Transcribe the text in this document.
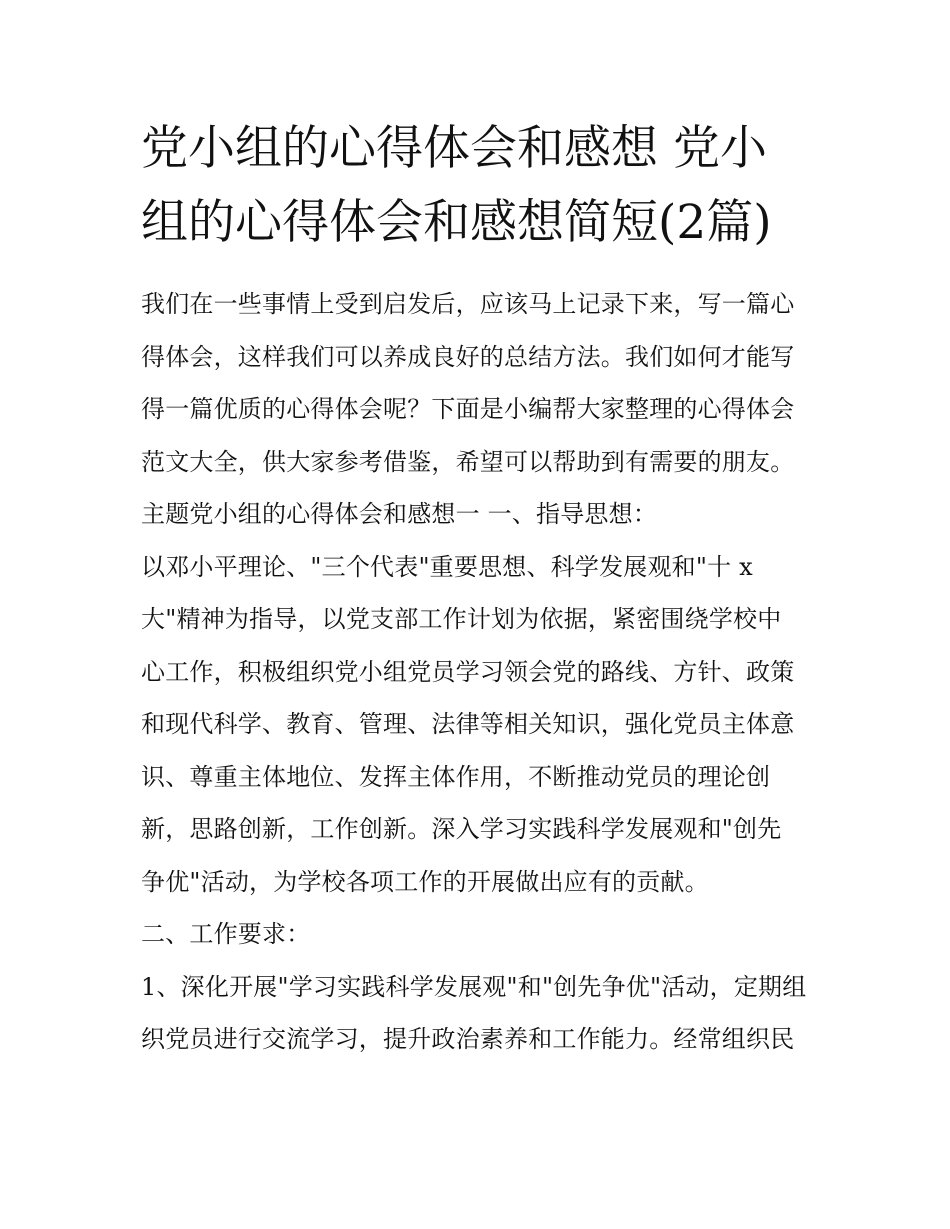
党小组的心得体会和感想 党小组的心得体会和感想简短(2篇)
我们在一些事情上受到启发后，应该马上记录下来，写一篇心
得体会，这样我们可以养成良好的总结方法。我们如何才能写
得一篇优质的心得体会呢？下面是小编帮大家整理的心得体会
范文大全，供大家参考借鉴，希望可以帮助到有需要的朋友。
主题党小组的心得体会和感想一 一、指导思想：
以邓小平理论、"三个代表"重要思想、科学发展观和"十 x
大"精神为指导，以党支部工作计划为依据，紧密围绕学校中
心工作，积极组织党小组党员学习领会党的路线、方针、政策
和现代科学、教育、管理、法律等相关知识，强化党员主体意
识、尊重主体地位、发挥主体作用，不断推动党员的理论创
新，思路创新，工作创新。深入学习实践科学发展观和"创先
争优"活动，为学校各项工作的开展做出应有的贡献。
二、工作要求：
1、深化开展"学习实践科学发展观"和"创先争优"活动，定期组
织党员进行交流学习，提升政治素养和工作能力。经常组织民
